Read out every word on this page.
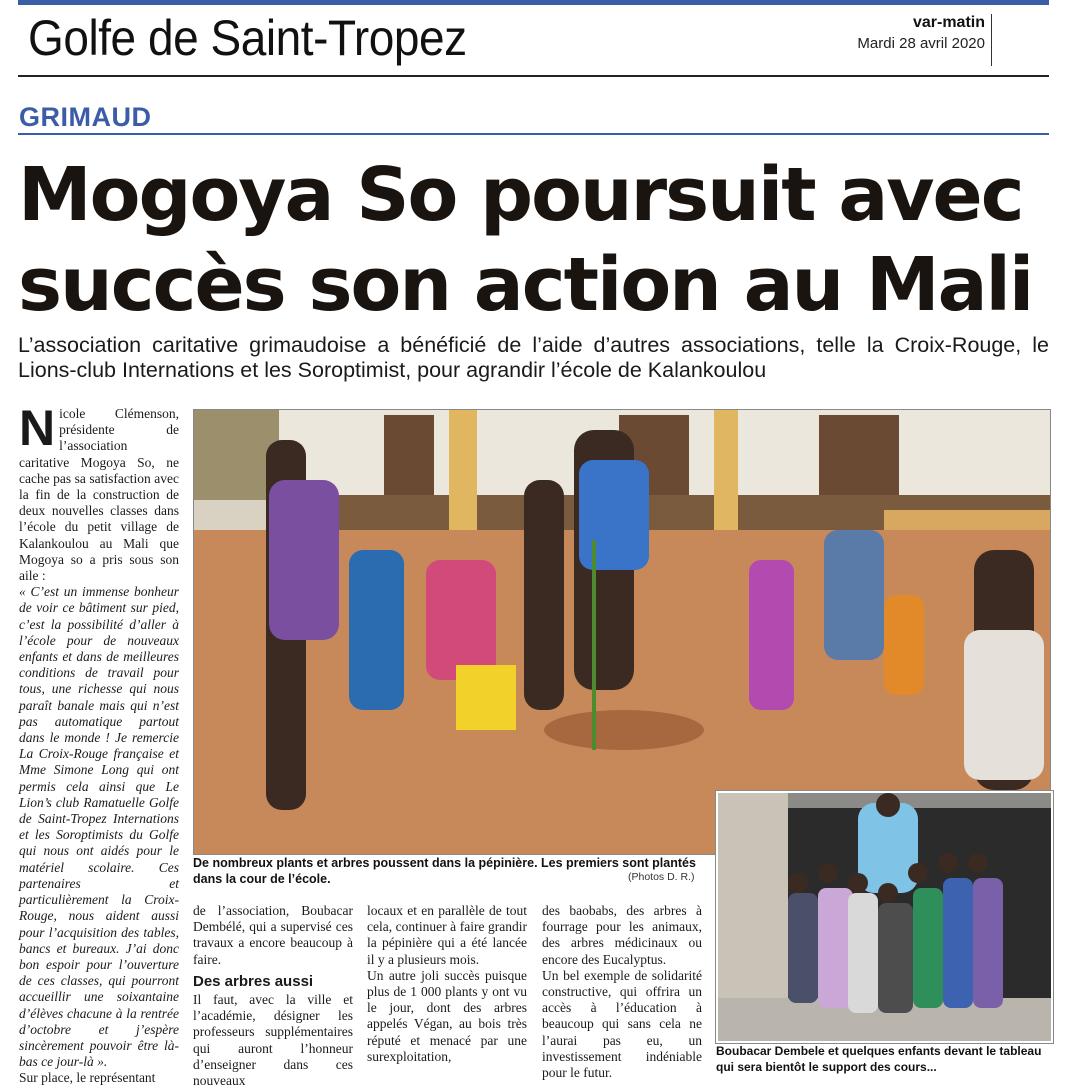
Golfe de Saint-Tropez	var-matin
Mardi 28 avril 2020
GRIMAUD
Mogoya So poursuit avec
succès son action au Mali

L’association caritative grimaudoise a bénéficié de l’aide d’autres associations, telle la Croix-Rouge, le Lions-club Internations et les Soroptimist, pour agrandir l’école de Kalankoulou

N icole Clémenson, présidente de l’association caritative Mogoya So, ne cache pas sa satisfaction avec la fin de la construction de deux nouvelles classes dans l’école du petit village de Kalankoulou au Mali que Mogoya so a pris sous son aile :

« C’est un immense bonheur de voir ce bâtiment sur pied, c’est la possibilité d’aller à l’école pour de nouveaux enfants et dans de meilleures conditions de travail pour tous, une richesse qui nous paraît banale mais qui n’est pas automatique partout dans le monde ! Je remercie La Croix-Rouge française et Mme Simone Long qui ont permis cela ainsi que Le Lion’s club Ramatuelle Golfe de Saint-Tropez Internations et les Soroptimists du Golfe qui nous ont aidés pour le matériel scolaire. Ces partenaires et particulièrement la Croix-Rouge, nous aident aussi pour l’acquisition des tables, bancs et bureaux. J’ai donc bon espoir pour l’ouverture de ces classes, qui pourront accueillir une soixantaine d’élèves chacune à la rentrée d’octobre et j’espère sincèrement pouvoir être là-bas ce jour-là ».

Sur place, le représentant

De nombreux plants et arbres poussent dans la pépinière. Les premiers sont plantés dans la cour de l’école.	(Photos D. R.)

de l’association, Boubacar Dembélé, qui a supervisé ces travaux a encore beaucoup à faire.

Des arbres aussi

Il faut, avec la ville et l’académie, désigner les professeurs supplémentaires qui auront l’honneur d’enseigner dans ces nouveaux

locaux et en parallèle de tout cela, continuer à faire grandir la pépinière qui a été lancée il y a plusieurs mois.

Un autre joli succès puisque plus de 1 000 plants y ont vu le jour, dont des arbres appelés Végan, au bois très réputé et menacé par une surexploitation,

des baobabs, des arbres à fourrage pour les animaux, des arbres médicinaux ou encore des Eucalyptus.

Un bel exemple de solidarité constructive, qui offrira un accès à l’éducation à beaucoup qui sans cela ne l’aurai pas eu, un investissement indéniable pour le futur.

Boubacar Dembele et quelques enfants devant le tableau qui sera bientôt le support des cours...
